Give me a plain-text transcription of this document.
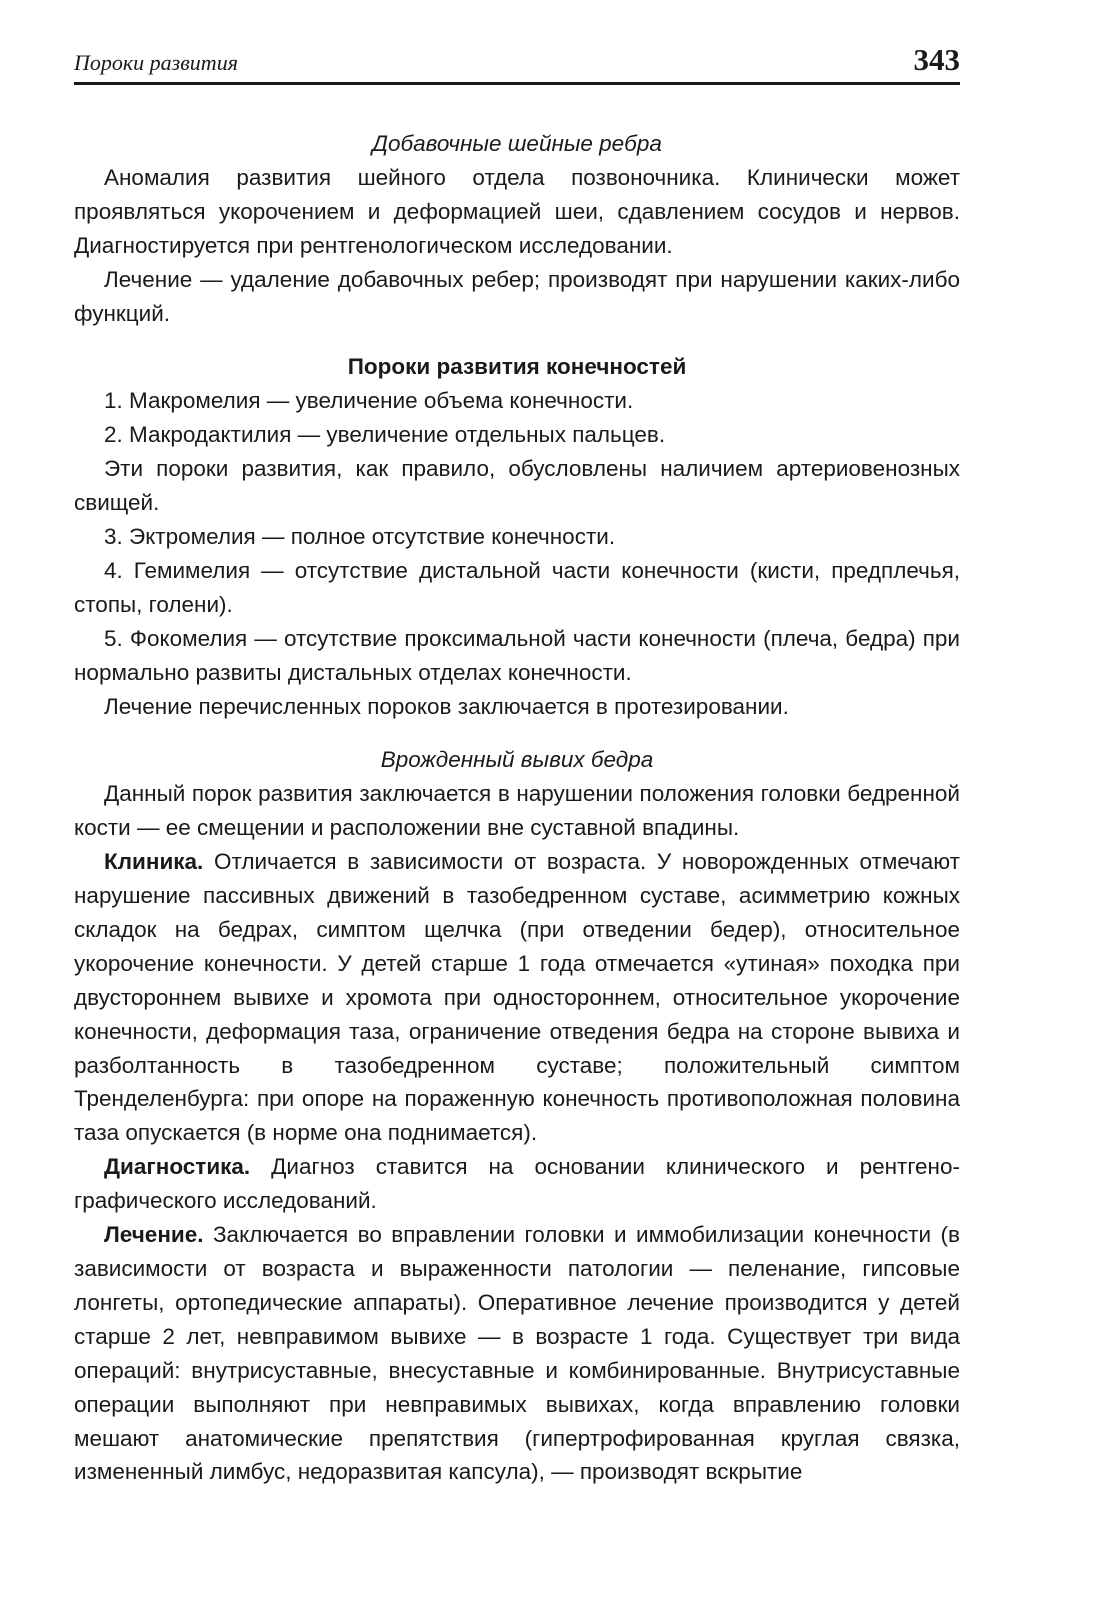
Пороки развития	343

Добавочные шейные ребра

Аномалия развития шейного отдела позвоночника. Клинически может проявляться укорочением и деформацией шеи, сдавлением сосудов и нервов. Диагностируется при рентгенологическом исследовании.

Лечение — удаление добавочных ребер; производят при нарушении каких-либо функций.

Пороки развития конечностей

1. Макромелия — увеличение объема конечности.

2. Макродактилия — увеличение отдельных пальцев.

Эти пороки развития, как правило, обусловлены наличием артериовенозных свищей.

3. Эктромелия — полное отсутствие конечности.

4. Гемимелия — отсутствие дистальной части конечности (кисти, предплечья, стопы, голени).

5. Фокомелия — отсутствие проксимальной части конечности (плеча, бедра) при нормально развиты дистальных отделах конечности.

Лечение перечисленных пороков заключается в протезировании.

Врожденный вывих бедра

Данный порок развития заключается в нарушении положения головки бедренной кости — ее смещении и расположении вне суставной впадины.

Клиника. Отличается в зависимости от возраста. У новорожденных отмечают нарушение пассивных движений в тазобедренном суставе, асимметрию кожных складок на бедрах, симптом щелчка (при отведении бедер), относительное укорочение конечности. У детей старше 1 года отмечается «утиная» походка при двустороннем вывихе и хромота при одностороннем, относительное укорочение конечности, деформация таза, ограничение отведения бедра на стороне вывиха и разболтанность в тазобедренном суставе; положительный симптом Тренделенбурга: при опоре на пораженную конечность противоположная половина таза опускается (в норме она поднимается).

Диагностика. Диагноз ставится на основании клинического и рентгенографического исследований.

Лечение. Заключается во вправлении головки и иммобилизации конечности (в зависимости от возраста и выраженности патологии — пеленание, гипсовые лонгеты, ортопедические аппараты). Оперативное лечение производится у детей старше 2 лет, невправимом вывихе — в возрасте 1 года. Существует три вида операций: внутрисуставные, внесуставные и комбинированные. Внутрисуставные операции выполняют при невправимых вывихах, когда вправлению головки мешают анатомические препятствия (гипертрофированная круглая связка, измененный лимбус, недоразвитая капсула), — производят вскрытие
